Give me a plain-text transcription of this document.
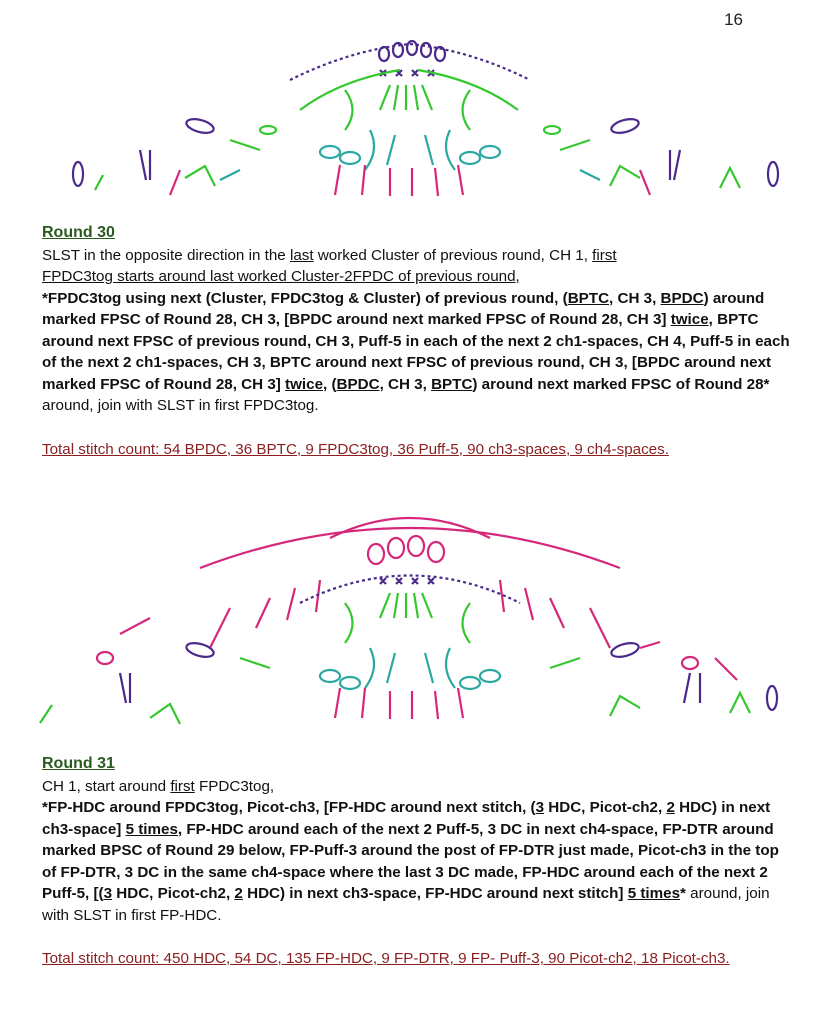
16
Round 30

SLST in the opposite direction in the last worked Cluster of previous round, CH 1, first
FPDC3tog starts around last worked Cluster-2FPDC of previous round,

*FPDC3tog using next (Cluster, FPDC3tog & Cluster) of previous round, (BPTC, CH 3, BPDC) around marked FPSC of Round 28, CH 3, [BPDC around next marked FPSC of Round 28, CH 3] twice, BPTC around next FPSC of previous round, CH 3, Puff-5 in each of the next 2 ch1-spaces, CH 4, Puff-5 in each of the next 2 ch1-spaces, CH 3, BPTC around next FPSC of previous round, CH 3, [BPDC around next marked FPSC of Round 28, CH 3] twice, (BPDC, CH 3, BPTC) around next marked FPSC of Round 28* around, join with SLST in first FPDC3tog.

Total stitch count: 54 BPDC, 36 BPTC, 9 FPDC3tog, 36 Puff-5, 90 ch3-spaces, 9 ch4-spaces.

Round 31

CH 1, start around first FPDC3tog,

*FP-HDC around FPDC3tog, Picot-ch3, [FP-HDC around next stitch, (3 HDC, Picot-ch2, 2 HDC) in next ch3-space] 5 times, FP-HDC around each of the next 2 Puff-5, 3 DC in next ch4-space, FP-DTR around marked BPSC of Round 29 below, FP-Puff-3 around the post of FP-DTR just made, Picot-ch3 in the top of FP-DTR, 3 DC in the same ch4-space where the last 3 DC made, FP-HDC around each of the next 2 Puff-5, [(3 HDC, Picot-ch2, 2 HDC) in next ch3-space, FP-HDC around next stitch] 5 times* around, join with SLST in first FP-HDC.

Total stitch count: 450 HDC, 54 DC, 135 FP-HDC, 9 FP-DTR, 9 FP- Puff-3, 90 Picot-ch2, 18 Picot-ch3.
